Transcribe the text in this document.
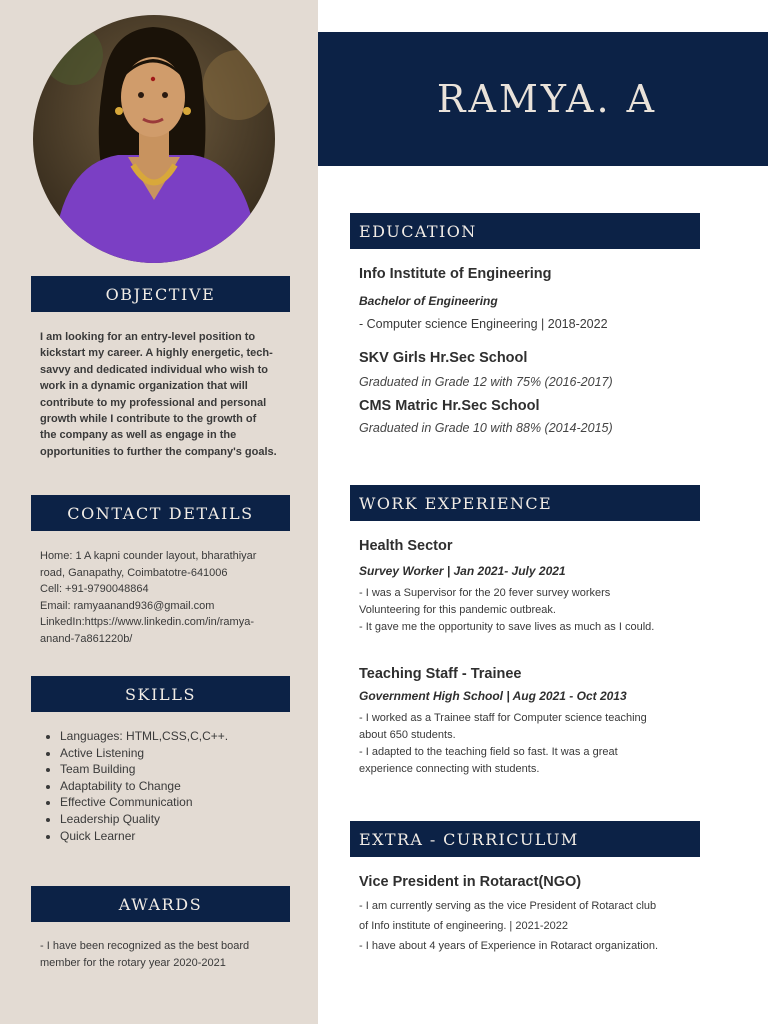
OBJECTIVE
I am looking for an entry-level position to
kickstart my career. A highly energetic, tech-
savvy and dedicated individual who wish to
work in a dynamic organization that will
contribute to my professional and personal
growth while I contribute to the growth of
the company as well as engage in the
opportunities to further the company's goals.
CONTACT DETAILS
Home: 1 A kapni counder layout, bharathiyar
road, Ganapathy, Coimbatotre-641006
Cell: +91-9790048864
Email: ramyaanand936@gmail.com
LinkedIn:https://www.linkedin.com/in/ramya-
anand-7a861220b/
SKILLS
• Languages: HTML,CSS,C,C++.
• Active Listening
• Team Building
• Adaptability to Change
• Effective Communication
• Leadership Quality
• Quick Learner
AWARDS
- I have been recognized as the best board
member for the rotary year 2020-2021
RAMYA. A
EDUCATION
Info Institute of Engineering
Bachelor of Engineering
- Computer science Engineering | 2018-2022
SKV Girls Hr.Sec School
Graduated in Grade 12 with 75% (2016-2017)
CMS Matric Hr.Sec School
Graduated in Grade 10 with 88% (2014-2015)
WORK EXPERIENCE
Health Sector
Survey Worker | Jan 2021- July 2021
- I was a Supervisor for the 20 fever survey workers
Volunteering for this pandemic outbreak.
- It gave me the opportunity to save lives as much as I could.
Teaching Staff - Trainee
Government High School | Aug 2021 - Oct 2013
- I worked as a Trainee staff for Computer science teaching
about 650 students.
- I adapted to the teaching field so fast. It was a great
experience connecting with students.
EXTRA - CURRICULUM
Vice President in Rotaract(NGO)
- I am currently serving as the vice President of Rotaract club
of Info institute of engineering. | 2021-2022
- I have about 4 years of Experience in Rotaract organization.
